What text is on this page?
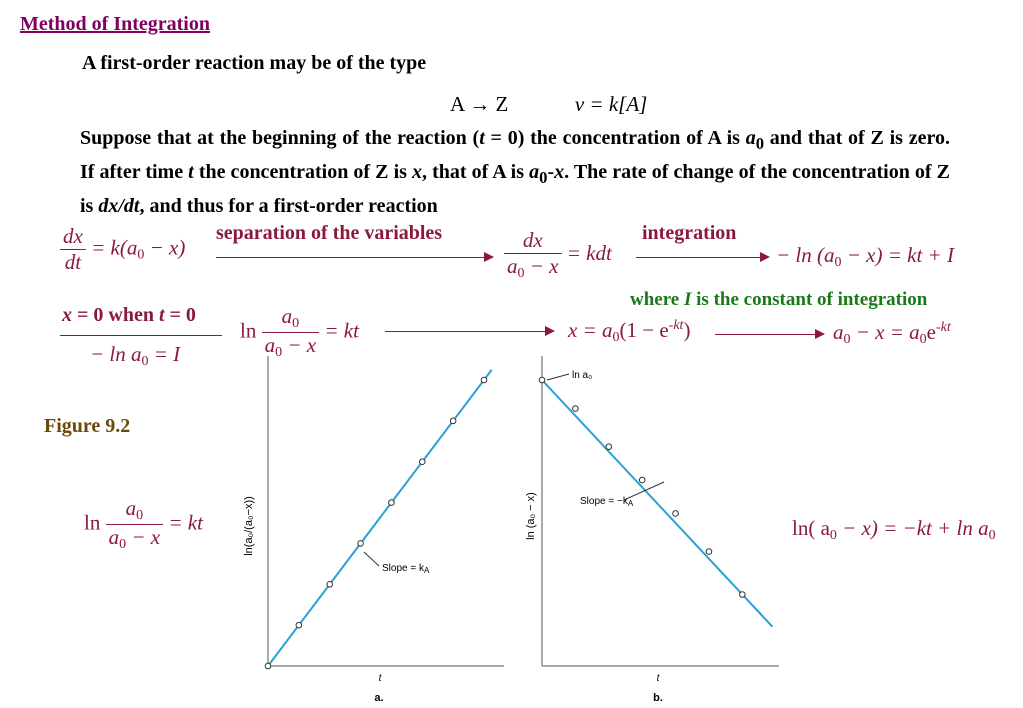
Method of Integration
A first-order reaction may be of the type
A → Z	v = k[A]
Suppose that at the beginning of the reaction (t = 0) the concentration of A is $a_0$ and that of Z is zero. If after time t the concentration of Z is x, that of A is $a_0-x$. The rate of change of the concentration of Z is dx/dt, and thus for a first-order reaction
$\frac{dx}{dt} = k(a_0 - x)$
separation of the variables	$\frac{dx}{a_0 - x}$ = kdt
integration
− $\ln (a_0 - x)$ = kt + I
where I is the constant of integration
x = 0 when t = 0
− $\ln a_0 = I$
$\ln \frac{a_0}{a_0 - x}$ = kt	$x = a_0(1 - e^{-kt})$	$a_0 - x = a_0e^{-kt}$
Figure 9.2
$\ln \frac{a_0}{a_0 - x}$ = kt	ln( $a_0 - x) = -kt + \ln a_0$
ln(a₀/(a₀−x))
t
a.
Slope = $k_A$
ln (a₀ − x)
t
b.
ln a₀
Slope = $-k_A$
